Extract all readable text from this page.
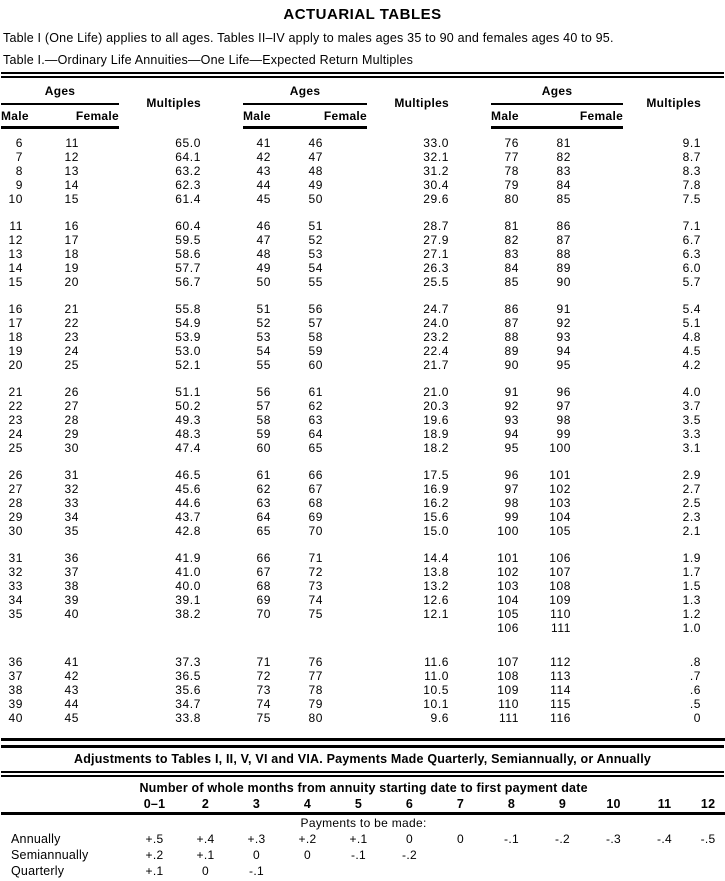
ACTUARIAL TABLES
Table I (One Life) applies to all ages. Tables II–IV apply to males ages 35 to 90 and females ages 40 to 95.
Table I.—Ordinary Life Annuities—One Life—Expected Return Multiples
Ages		Multiples	Ages		Multiples	Ages		Multiples
Male	Female		Male	Female		Male	Female	

6	11	65.0	41	46	33.0	76	81	9.1
7	12	64.1	42	47	32.1	77	82	8.7
8	13	63.2	43	48	31.2	78	83	8.3
9	14	62.3	44	49	30.4	79	84	7.8
10	15	61.4	45	50	29.6	80	85	7.5

11	16	60.4	46	51	28.7	81	86	7.1
12	17	59.5	47	52	27.9	82	87	6.7
13	18	58.6	48	53	27.1	83	88	6.3
14	19	57.7	49	54	26.3	84	89	6.0
15	20	56.7	50	55	25.5	85	90	5.7

16	21	55.8	51	56	24.7	86	91	5.4
17	22	54.9	52	57	24.0	87	92	5.1
18	23	53.9	53	58	23.2	88	93	4.8
19	24	53.0	54	59	22.4	89	94	4.5
20	25	52.1	55	60	21.7	90	95	4.2

21	26	51.1	56	61	21.0	91	96	4.0
22	27	50.2	57	62	20.3	92	97	3.7
23	28	49.3	58	63	19.6	93	98	3.5
24	29	48.3	59	64	18.9	94	99	3.3
25	30	47.4	60	65	18.2	95	100	3.1

26	31	46.5	61	66	17.5	96	101	2.9
27	32	45.6	62	67	16.9	97	102	2.7
28	33	44.6	63	68	16.2	98	103	2.5
29	34	43.7	64	69	15.6	99	104	2.3
30	35	42.8	65	70	15.0	100	105	2.1

31	36	41.9	66	71	14.4	101	106	1.9
32	37	41.0	67	72	13.8	102	107	1.7
33	38	40.0	68	73	13.2	103	108	1.5
34	39	39.1	69	74	12.6	104	109	1.3
35	40	38.2	70	75	12.1	105	110	1.2
						106	111	1.0

36	41	37.3	71	76	11.6	107	112	.8
37	42	36.5	72	77	11.0	108	113	.7
38	43	35.6	73	78	10.5	109	114	.6
39	44	34.7	74	79	10.1	110	115	.5
40	45	33.8	75	80	9.6	111	116	0

Adjustments to Tables I, II, V, VI and VIA. Payments Made Quarterly, Semiannually, or Annually
Number of whole months from annuity starting date to first payment date												
	0–1	2	3	4	5	6	7	8	9	10	11	12
Payments to be made:												
Annually	+.5	+.4	+.3	+.2	+.1	0	0	-.1	-.2	-.3	-.4	-.5
Semiannually	+.2	+.1	0	0	-.1	-.2						
Quarterly	+.1	0	-.1									
